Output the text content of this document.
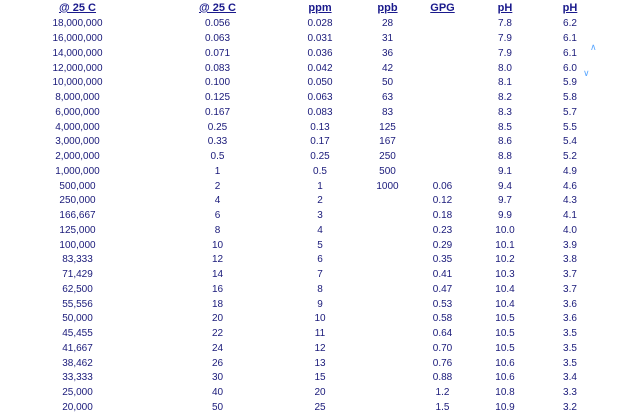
@ 25 C	@ 25 C	ppm	ppb	GPG	pH	pH
18,000,000	0.056	0.028	28		7.8	6.2
16,000,000	0.063	0.031	31		7.9	6.1
14,000,000	0.071	0.036	36		7.9	6.1
12,000,000	0.083	0.042	42		8.0	6.0
10,000,000	0.100	0.050	50		8.1	5.9
8,000,000	0.125	0.063	63		8.2	5.8
6,000,000	0.167	0.083	83		8.3	5.7
4,000,000	0.25	0.13	125		8.5	5.5
3,000,000	0.33	0.17	167		8.6	5.4
2,000,000	0.5	0.25	250		8.8	5.2
1,000,000	1	0.5	500		9.1	4.9
500,000	2	1	1000	0.06	9.4	4.6
250,000	4	2		0.12	9.7	4.3
166,667	6	3		0.18	9.9	4.1
125,000	8	4		0.23	10.0	4.0
100,000	10	5		0.29	10.1	3.9
83,333	12	6		0.35	10.2	3.8
71,429	14	7		0.41	10.3	3.7
62,500	16	8		0.47	10.4	3.7
55,556	18	9		0.53	10.4	3.6
50,000	20	10		0.58	10.5	3.6
45,455	22	11		0.64	10.5	3.5
41,667	24	12		0.70	10.5	3.5
38,462	26	13		0.76	10.6	3.5
33,333	30	15		0.88	10.6	3.4
25,000	40	20		1.2	10.8	3.3
20,000	50	25		1.5	10.9	3.2
∧
∨
